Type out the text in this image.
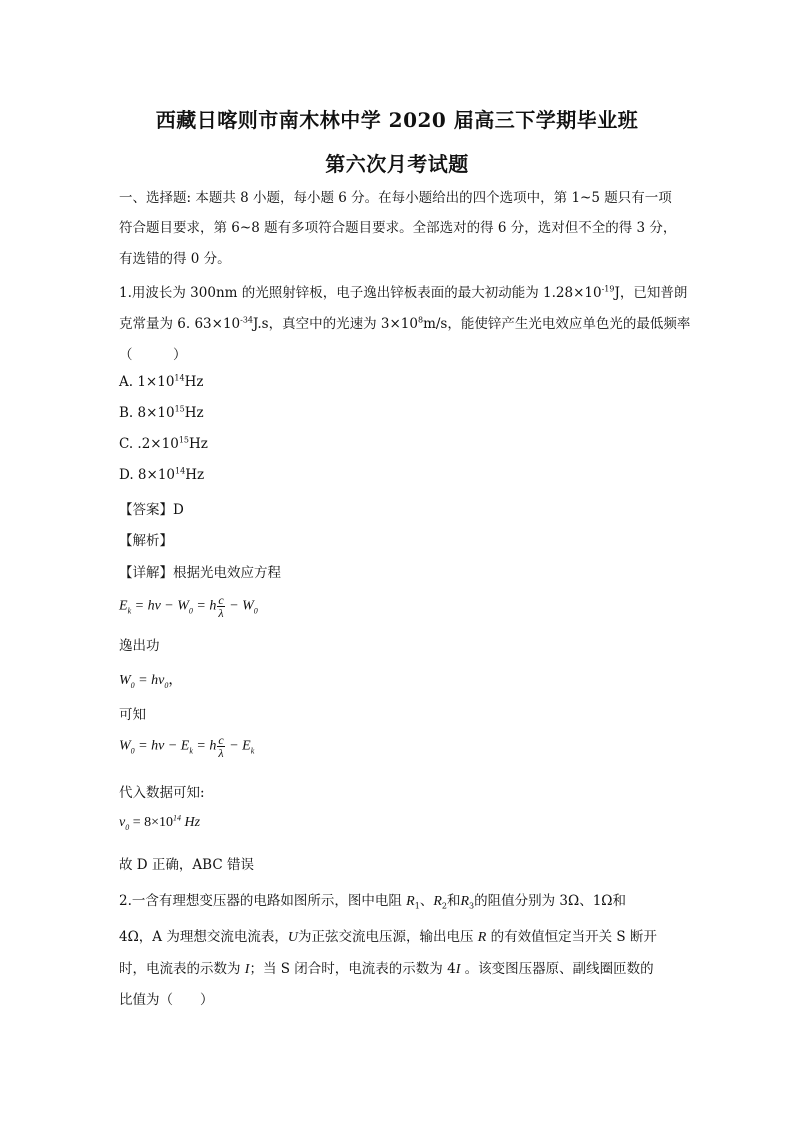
西藏日喀则市南木林中学 2020 届高三下学期毕业班
第六次月考试题
一、选择题: 本题共 8 小题，每小题 6 分。在每小题给出的四个选项中，第 1~5 题只有一项
符合题目要求，第 6~8 题有多项符合题目要求。全部选对的得 6 分，选对但不全的得 3 分，
有选错的得 0 分。
1.用波长为 300nm 的光照射锌板，电子逸出锌板表面的最大初动能为 $1.28\times 10^{-19}J$，已知普朗
克常量为 6. $63\times 10^{-34}J.s$，真空中的光速为 $3\times 10^8m/s$，能使锌产生光电效应单色光的最低频率
（　　　）
A. $1\times 10^{14}Hz$
B. $8\times 10^{15}Hz$
C. $.2\times 10^{15}Hz$
D. $8\times 10^{14}Hz$
【答案】D
【解析】
【详解】根据光电效应方程
$E_k = h\nu - W_0 = h \frac{c}{\lambda} - W_0$
逸出功
$W_0 = h\nu_0$，
可知
$W_0 = h\nu - E_k = h \frac{c}{\lambda} - E_k$
代入数据可知:
$\nu_0 = 8\times 10^{14}$ Hz
故 D 正确，ABC 错误
2.一含有理想变压器的电路如图所示，图中电阻 $R_1$、$R_2$和$R_3$的阻值分别为 3Ω、1Ω和
4Ω，A 为理想交流电流表，U为正弦交流电压源，输出电压 R 的有效值恒定当开关 S 断开
时，电流表的示数为 I；当 S 闭合时，电流表的示数为 4I 。该变图压器原、副线圈匝数的
比值为（　　）
